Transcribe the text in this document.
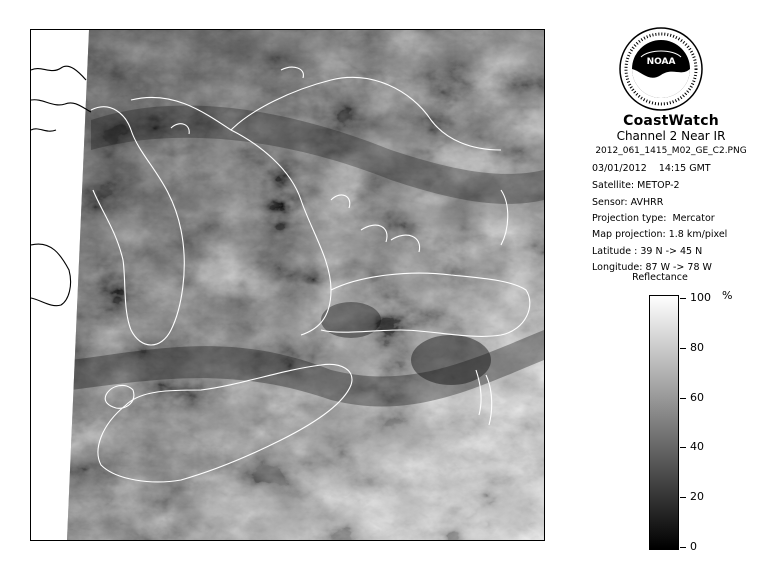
NOAA
CoastWatch
Channel 2 Near IR
2012_061_1415_M02_GE_C2.PNG
03/01/2012    14:15 GMT
Satellite: METOP-2
Sensor: AVHRR
Projection type:  Mercator
Map projection: 1.8 km/pixel
Latitude : 39 N -> 45 N
Longitude: 87 W -> 78 W
Reflectance
%
100
80
60
40
20
0
